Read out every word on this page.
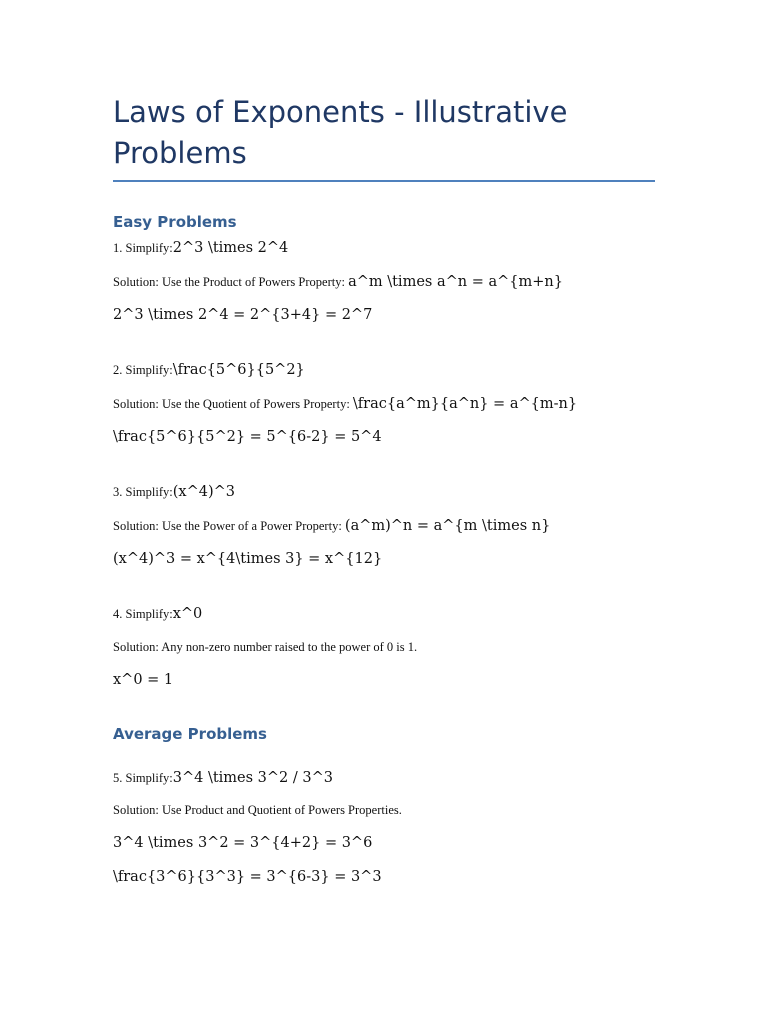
Laws of Exponents - Illustrative Problems
Easy Problems

1. Simplify:2^3 \times 2^4

Solution: Use the Product of Powers Property: a^m \times a^n = a^{m+n}

2^3 \times 2^4 = 2^{3+4} = 2^7

2. Simplify:\frac{5^6}{5^2}

Solution: Use the Quotient of Powers Property: \frac{a^m}{a^n} = a^{m-n}

\frac{5^6}{5^2} = 5^{6-2} = 5^4

3. Simplify:(x^4)^3

Solution: Use the Power of a Power Property: (a^m)^n = a^{m \times n}

(x^4)^3 = x^{4\times 3} = x^{12}

4. Simplify:x^0

Solution: Any non-zero number raised to the power of 0 is 1.

x^0 = 1

Average Problems

5. Simplify:3^4 \times 3^2 / 3^3

Solution: Use Product and Quotient of Powers Properties.

3^4 \times 3^2 = 3^{4+2} = 3^6

\frac{3^6}{3^3} = 3^{6-3} = 3^3
